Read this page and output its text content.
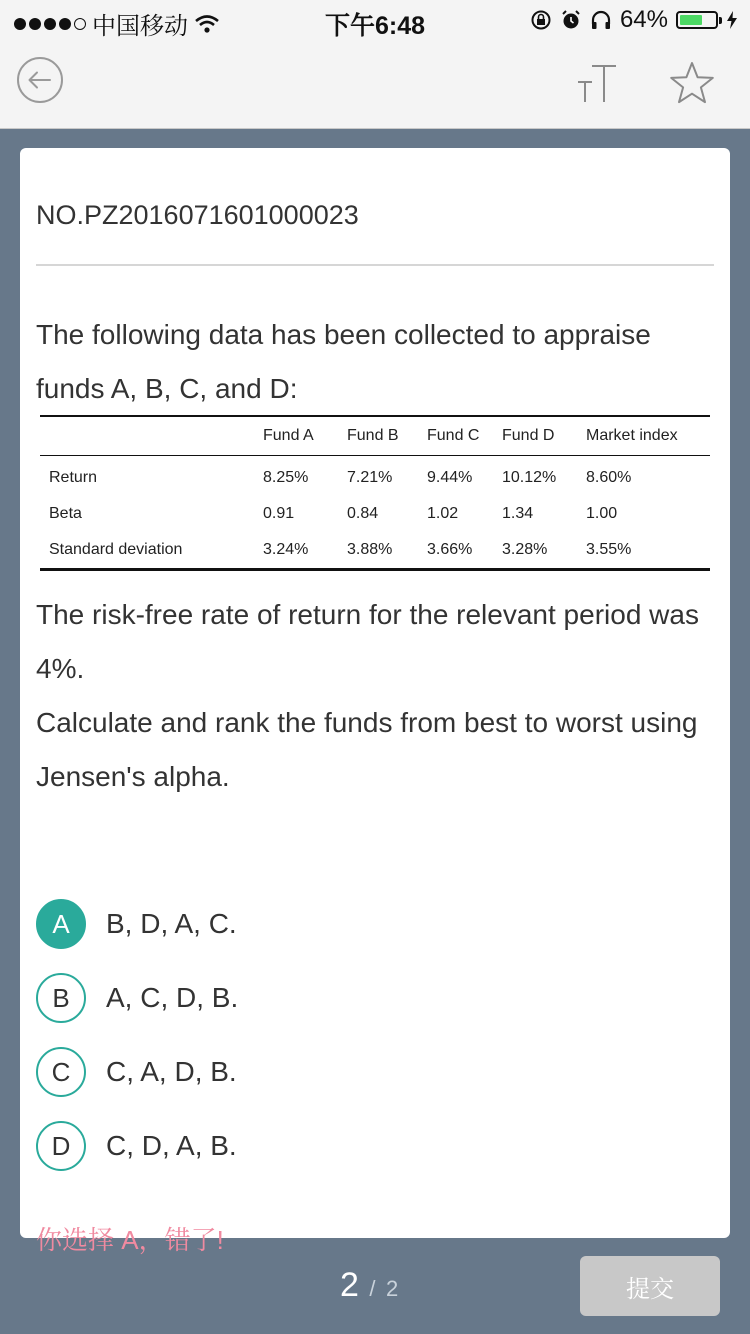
中国移动	下午6:48	64%
NO.PZ2016071601000023
The following data has been collected to appraise funds A, B, C, and D:
	Fund A	Fund B	Fund C	Fund D	Market index
Return	8.25%	7.21%	9.44%	10.12%	8.60%
Beta	0.91	0.84	1.02	1.34	1.00
Standard deviation	3.24%	3.88%	3.66%	3.28%	3.55%
The risk-free rate of return for the relevant period was 4%.
Calculate and rank the funds from best to worst using Jensen's alpha.
A	B, D, A, C.
B	A, C, D, B.
C	C, A, D, B.
D	C, D, A, B.
你选择 A，错了!
2 / 2	提交
